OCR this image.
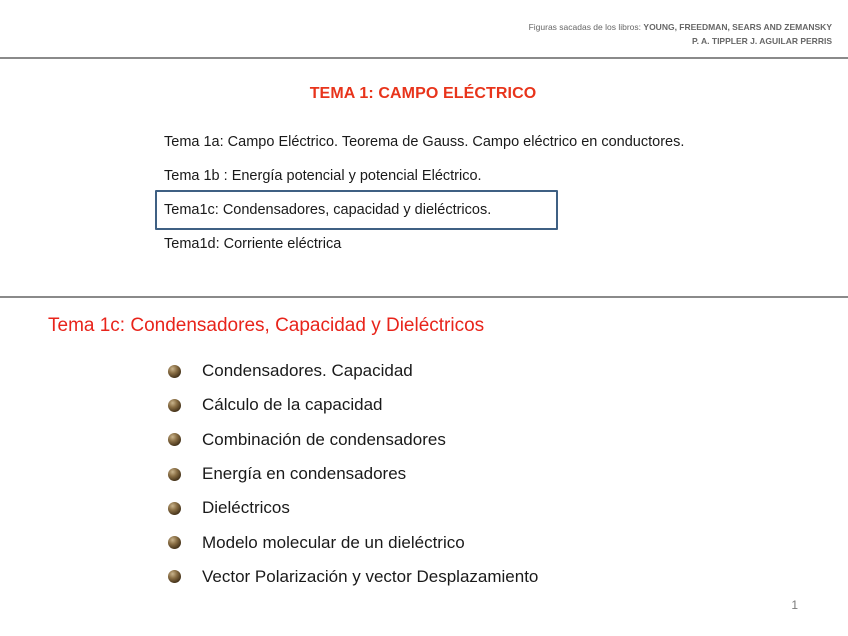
Figuras sacadas de los libros: YOUNG, FREEDMAN, SEARS AND ZEMANSKY
P. A. TIPPLER J. AGUILAR PERRIS
TEMA 1: CAMPO ELÉCTRICO
Tema 1a: Campo Eléctrico. Teorema de Gauss. Campo eléctrico en conductores.
Tema 1b : Energía potencial y potencial Eléctrico.
Tema1c: Condensadores, capacidad y dieléctricos.
Tema1d: Corriente eléctrica
Tema 1c: Condensadores, Capacidad y Dieléctricos
Condensadores. Capacidad
Cálculo de la capacidad
Combinación de condensadores
Energía en condensadores
Dieléctricos
Modelo molecular de un dieléctrico
Vector Polarización y vector Desplazamiento
1
